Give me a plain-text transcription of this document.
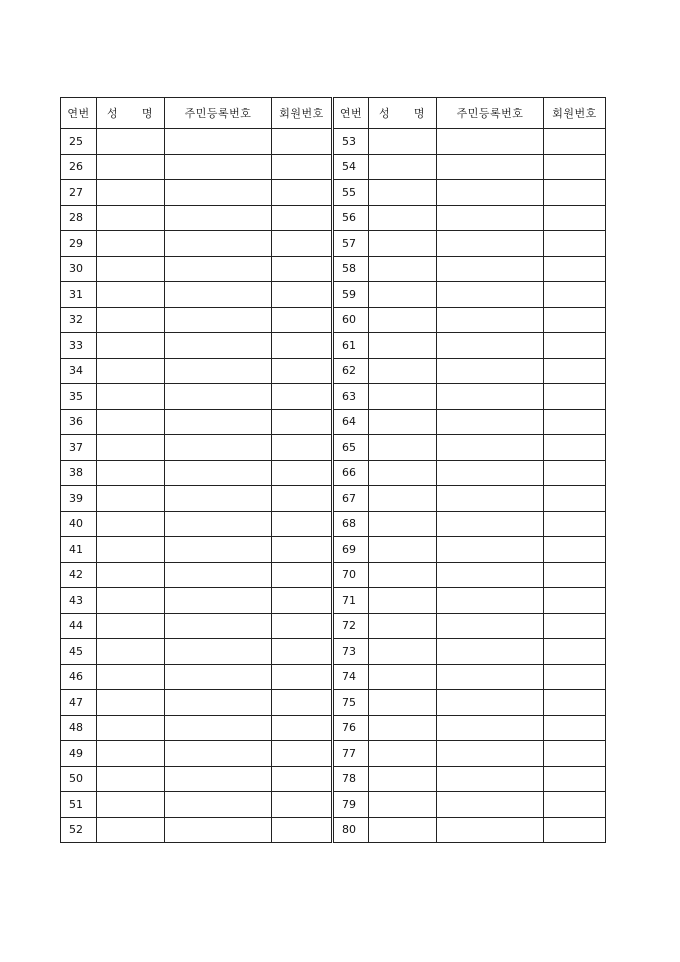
연번	성 명	주민등록번호	회원번호	연번	성 명	주민등록번호	회원번호
25				53			
26				54			
27				55			
28				56			
29				57			
30				58			
31				59			
32				60			
33				61			
34				62			
35				63			
36				64			
37				65			
38				66			
39				67			
40				68			
41				69			
42				70			
43				71			
44				72			
45				73			
46				74			
47				75			
48				76			
49				77			
50				78			
51				79			
52				80			
